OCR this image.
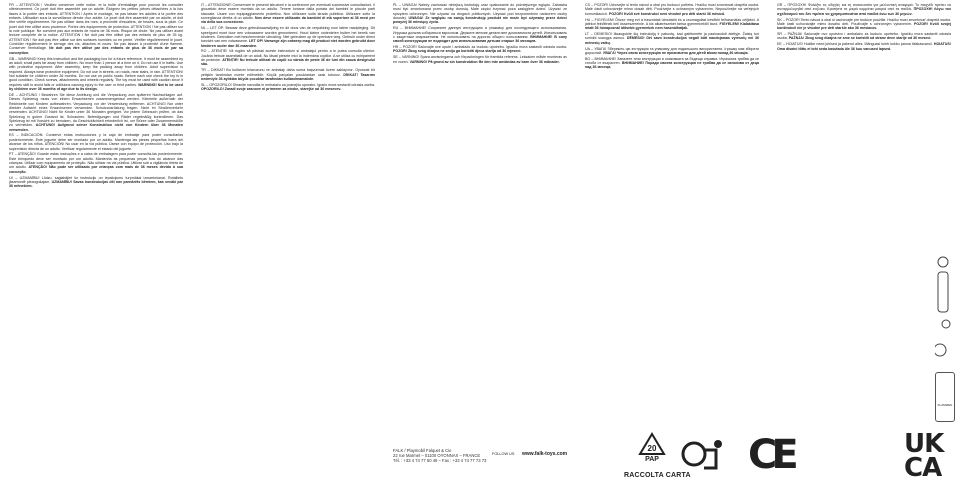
FR – ATTENTION ! Veuillez conserver cette notice, et la boîte d'emballage pour pouvoir les consulter ultérieurement. Ce jouet doit être assemblé par un adulte. Éloignez les petites pièces détachées à la fois lisses à la portée des enfants. ATTENTION ! Après le montage, ne pas laisser les adultes à la portée des enfants. Utilisation sous la surveillance directe d'un adulte. Le jouet doit être assemblé par un adulte, et doit être vérifié régulièrement. Ne pas utiliser dans les rues, à proximité d'escaliers, de fossés, sous la pluie. Ce jouet doit être utilisé avec prudence. Portez des équipements de protection. ATTENTION ! Ne pas utiliser sur la voie publique. Ne convient pas aux enfants de moins de 36 mois. Risque de chute. Ne pas utiliser avant lecture complète de la notice. ATTENTION ! Ne doit pas être utilisé par des enfants de plus de 35 kg. ATTENTION ! Ne doit pas être utilisé sur des surfaces humides ou en pente. Vérifier régulièrement le jouet. Contrôler régulièrement le serrage des vis, attaches et roues. Ne pas laisser à proximité d'une flamme. Conserver l'emballage. Ne doit pas être utilisé par des enfants de plus de 36 mois de par sa conception.

GB – WARNING! Keep this instruction and the packaging box for a future reference. It must be assembled by an adult; small parts far away from children. No more than 1 person at a time on it. Do not use it in traffic. Use with protective equipment. After assembly, keep the packing away from children. Adult supervision is required. Always wear protective equipment. Do not use in streets, on roads, near stairs, in rain. ATTENTION! Not suitable for children under 36 months. Do not use on public roads. Before each use check the toy is in good condition. Check screws, attachments and wheels regularly. The toy must be used with caution since it requires skill to avoid falls or collisions causing injury to the user or third parties. WARNING! Not to be used by children over 36 months of age due to its design.

DE – ACHTUNG ! Bewahren Sie diese Anleitung und die Verpackung zum späteren Nachschlagen auf. Dieses Spielzeug muss von einem Erwachsenen zusammengebaut werden. Kleinteile außerhalb der Reichweite von Kindern aufbewahren. Verpackung vor der Verwendung entfernen. ACHTUNG! Nur unter direkter Aufsicht eines Erwachsenen verwenden. Schutzausrüstung tragen. Nicht im Straßenverkehr verwenden. ACHTUNG! Nicht für Kinder unter 36 Monaten geeignet. Vor jedem Gebrauch prüfen, ob das Spielzeug in gutem Zustand ist. Schrauben, Befestigungen und Räder regelmäßig kontrollieren. Das Spielzeug ist mit Vorsicht zu benutzen, da Geschicklichkeit erforderlich ist, um Stürze oder Zusammenstöße zu vermeiden. ACHTUNG! Aufgrund seiner Konstruktion nicht von Kindern über 36 Monaten verwenden.

ES – INDICACIÓN: Conserve estas instrucciones y la caja de embalaje para poder consultarlas posteriormente. Este juguete debe ser montado por un adulto. Mantenga las piezas pequeñas fuera del alcance de los niños. ATENCIÓN! No usar en la vía pública. Úsese con equipo de protección. Uso bajo la supervisión directa de un adulto. Verificar regularmente el estado del juguete.

PT – ATENÇÃO! Guarde estas instruções e a caixa de embalagem para poder consultá-las posteriormente. Este brinquedo deve ser montado por um adulto. Mantenha as pequenas peças fora do alcance das crianças. Utilizar com equipamento de proteção. Não utilizar na via pública. Utilizar sob a vigilância direta de um adulto. ATENÇÃO! Não pode ser utilizado por crianças com mais de 36 meses devido à sua conceção.

LV – UZMANĪBU! Lūdzu, saglabājiet šo instrukciju un iepakojumu turpmākai izmantošanai. Rotaļlietu jāsamontē pieaugušajam. UZMANĪBU! Savas konstrukcijas dēļ nav paredzēts bērniem, kas vecāki par 36 mēnešiem.

IT – ATTENZIONE! Conservare le presenti istruzioni e la confezione per eventuali successive consultazioni. Il giocattolo deve essere montato da un adulto. Tenere lontane dalla portata dei bambini le piccole parti staccate. Usare con equipaggiamento protettivo. Non utilizzare sulla strada pubblica. Utilizzare sotto la sorveglianza diretta di un adulto. Non deve essere utilizzato da bambini di età superiore ai 36 mesi per via della sua concezione.

NL – LET OP: Bewaar deze gebruiksaanwijzing en de doos van de verpakking voor latere raadpleging. Dit speelgoed moet door een volwassene worden gemonteerd. Houd kleine onderdelen buiten het bereik van kinderen. Gebruiken met beschermende uitrusting. Niet gebruiken op de openbare weg. Gebruik onder direct toezicht van een volwassene. LET OP! Vanwege zijn ontwerp mag dit product niet worden gebruikt door kinderen ouder dan 36 maanden.

RO – ATENȚIE! Vă rugăm să păstrați aceste instrucțiuni și ambalajul pentru a le putea consulta ulterior. Jucăria trebuie asamblată de un adult. Nu lăsați piesele mici la îndemâna copiilor. A se utiliza cu echipament de protecție. ATENȚIE! Nu trebuie utilizat de copiii cu vârsta de peste 36 de luni din cauza designului său.

TR – DİKKAT! Bu kullanım kılavuzunu ve ambalajı daha sonra başvurmak üzere saklayınız. Oyuncak bir yetişkin tarafından monte edilmelidir. Küçük parçaları çocuklardan uzak tutunuz. DİKKAT! Tasarımı nedeniyle 36 aylıktan büyük çocuklar tarafından kullanılmamalıdır.

SL – OPOZORILO! Shranite navodila in embalažo za poznejšo uporabo. Igračo mora sestaviti odrasla oseba. OPOZORILO! Zaradi svoje zasnove ni primeren za otroke, starejše od 36 mesecev.

PL – UWAGA! Należy zachować niniejszą instrukcję oraz opakowanie do późniejszego wglądu. Zabawka musi być zmontowana przez osobę dorosłą. Małe części trzymać poza zasięgiem dzieci. Używać ze sprzętem ochronnym. Nie używać na drogach publicznych. Używać pod bezpośrednim nadzorem osoby dorosłej. UWAGA! Ze względu na swoją konstrukcję produkt nie może być używany przez dzieci powyżej 36 miesięcy życia.

RU – ВНИМАНИЕ! Сохраните данную инструкцию и упаковку для последующего использования. Игрушка должна собираться взрослым. Держите мелкие детали вне досягаемости детей. Использовать с защитным снаряжением. Не использовать на дорогах общего пользования. ВНИМАНИЕ! В силу своей конструкции не подходит для использования детьми старше 36 месяцев.

HR – POZOR! Sačuvajte ove upute i ambalažu za buduću upotrebu. Igračku mora sastaviti odrasla osoba. POZOR! Zbog svog dizajna ne smiju ga koristiti djeca starija od 36 mjeseci.

SE – VARNING! Spara anvisningarna och förpackningen för framtida referens. Leksaken måste monteras av en vuxen. VARNING! På grund av sin konstruktion får den inte användas av barn över 36 månader.

CS – POZOR! Uchovejte si tento návod a obal pro budoucí potřebu. Hračku musí smontovat dospělá osoba. Malé části uchovávejte mimo dosah dětí. Používejte s ochranným vybavením. Nepoužívejte na veřejných komunikacích. POZOR! Kvůli své konstrukci není vhodné pro děti starší 36 měsíců.

HU – FIGYELEM! Őrizze meg ezt a használati útmutatót és a csomagolást későbbi felhasználás céljából. A játékot felnőttnek kell összeszerelnie. A kis alkatrészeket tartsa gyermekektől távol. FIGYELEM! Kialakítása miatt 36 hónaposnál idősebb gyermekek nem használhatják.

LT – DĖMESIO! Išsaugokite šią instrukciją ir pakuotę, kad galėtumėte ja pasinaudoti ateityje. Žaislą turi surinkti suaugęs asmuo. DĖMESIO! Dėl savo konstrukcijos negali būti naudojamas vyresnių nei 36 mėnesių vaikų.

UA – УВАГА! Збережіть цю інструкцію та упаковку для подальшого використання. Іграшку має збирати дорослий. УВАГА! Через свою конструкцію не призначено для дітей віком понад 36 місяців.

BG – ВНИМАНИЕ! Запазете тези инструкции и опаковката за бъдеща справка. Играчката трябва да се сглоби от възрастен. ВНИМАНИЕ! Поради своята конструкция не трябва да се използва от деца над 36 месеца.

GR – ΠΡΟΣΟΧΗ! Φυλάξτε τις οδηγίες και τη συσκευασία για μελλοντική αναφορά. Το παιχνίδι πρέπει να συναρμολογηθεί από ενήλικα. Κρατήστε τα μικρά κομμάτια μακριά από τα παιδιά. ΠΡΟΣΟΧΗ! Λόγω του σχεδιασμού του δεν πρέπει να χρησιμοποιείται από παιδιά άνω των 36 μηνών.

SK – POZOR! Tento návod a obal si uschovajte pre budúce použitie. Hračku musí zmontovať dospelá osoba. Malé časti uchovávajte mimo dosahu detí. Používajte s ochranným vybavením. POZOR! Kvôli svojej konštrukcii nie je vhodné pre deti staršie ako 36 mesiacov.

SR – PAŽNJA! Sačuvajte ovo uputstvo i ambalažu za buduću upotrebu. Igračku mora sastaviti odrasla osoba. PAŽNJA! Zbog svog dizajna ne sme se koristiti od strane dece starije od 36 meseci.

EE – HOIATUS! Hoidke need juhised ja pakend alles. Mänguasi tuleb kokku panna täiskasvanul. HOIATUS! Oma disaini tõttu ei tohi seda kasutada üle 36 kuu vanused lapsed.

FLAMMEN
FALK / Playmobil Falquet & Cie
22 rue Marmet – 01100 OYONNAX – FRANCE
Tél. : +33 4 74 77 50 46 – Fax : +33 4 74 77 73 73
FOLLOW US www.falk-toys.com
20
PAP
RACCOLTA CARTA CE	UK
CA
